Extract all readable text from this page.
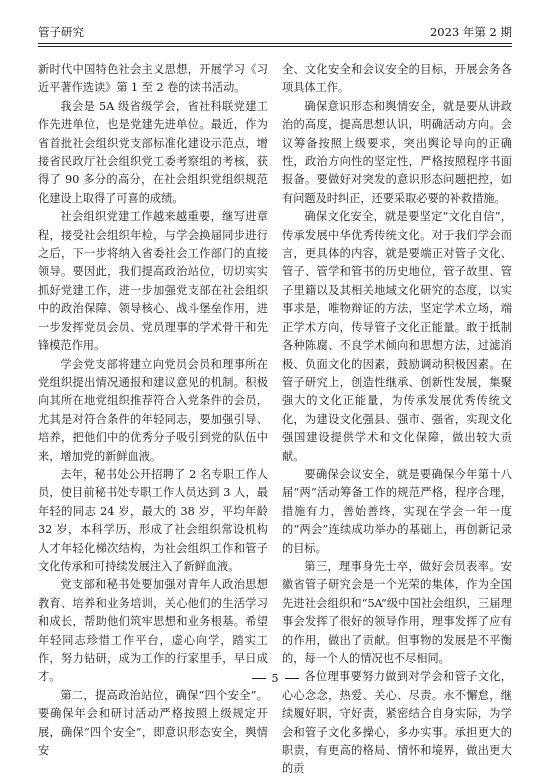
管子研究	2023 年第 2 期

新时代中国特色社会主义思想，开展学习《习近平著作选读》第 1 至 2 卷的读书活动。

我会是 5A 级省级学会，省社科联党建工作先进单位，也是党建先进单位。最近，作为省首批社会组织党支部标准化建设示范点，增接省民政厅社会组织党工委考察组的考核，获得了 90 多分的高分，在社会组织党组织规范化建设上取得了可喜的成绩。

社会组织党建工作越来越重要，继写进章程，接受社会组织年检，与学会换届同步进行之后，下一步将纳入省委社会工作部门的直接领导。要因此，我们提高政治站位，切切实实抓好党建工作，进一步加强党支部在社会组织中的政治保障、领导核心、战斗堡垒作用，进一步发挥党员会员、党员理事的学术骨干和先锋模范作用。

学会党支部将建立向党员会员和理事所在党组织提出情况通报和建议意见的机制。积极向其所在地党组织推荐符合入党条件的会员，尤其是对符合条件的年轻同志，要加强引导、培养，把他们中的优秀分子吸引到党的队伍中来，增加党的新鲜血液。

去年，秘书处公开招聘了 2 名专职工作人员，使目前秘书处专职工作人员达到 3 人，最年轻的同志 24 岁，最大的 38 岁，平均年龄 32 岁，本科学历，形成了社会组织常设机构人才年轻化梯次结构，为社会组织工作和管子文化传承和可持续发展注入了新鲜血液。

党支部和秘书处要加强对青年人政治思想教育、培养和业务培训，关心他们的生活学习和成长，帮助他们筑牢思想和业务根基。希望年轻同志珍惜工作平台，虚心向学，踏实工作，努力钻研，成为工作的行家里手，早日成才。

第二，提高政治站位，确保“四个安全”。要确保年会和研讨活动严格按照上级规定开展，确保“四个安全”，即意识形态安全，舆情安

全、文化安全和会议安全的目标，开展会务各项具体工作。

确保意识形态和舆情安全，就是要从讲政治的高度，提高思想认识，明确活动方向。会议筹备按照上级要求，突出舆论导向的正确性，政治方向性的坚定性，严格按照程序书面报备。要做好对突发的意识形态问题把控，如有问题及时纠正，还要采取必要的补救措施。

确保文化安全，就是要坚定“文化自信”，传承发展中华优秀传统文化。对于我们学会而言，更具体的内容，就是要端正对管子文化、管子、管学和管书的历史地位，管子故里、管子里籍以及其相关地域文化研究的态度，以实事求是，唯物辩证的方法，坚定学术立场，端正学术方向，传导管子文化正能量。敢于抵制各种陈腐、不良学术倾向和思想方法，过滤消极、负面文化的因素，鼓励调动积极因素。在管子研究上，创造性继承、创新性发展，集聚强大的文化正能量，为传承发展优秀传统文化，为建设文化强县、强市、强省，实现文化强国建设提供学术和文化保障，做出较大贡献。

要确保会议安全，就是要确保今年第十八届“两”活动筹备工作的规范严格，程序合理，措施有力，善始善终，实现在学会一年一度的“两会”连续成功举办的基础上，再创新记录的目标。

第三，理事身先士卒，做好会员表率。安徽省管子研究会是一个光荣的集体，作为全国先进社会组织和“5A”级中国社会组织，三届理事会发挥了很好的领导作用，理事发挥了应有的作用，做出了贡献。但事物的发展是不平衡的，每一个人的情况也不尽相同。

各位理事要努力做到对学会和管子文化，心心念念，热爱、关心、尽责。永不懈怠，继续履好职，守好责，紧密结合自身实际，为学会和管子文化多操心，多办实事。承担更大的职责，有更高的格局、情怀和境界，做出更大的贡

5
